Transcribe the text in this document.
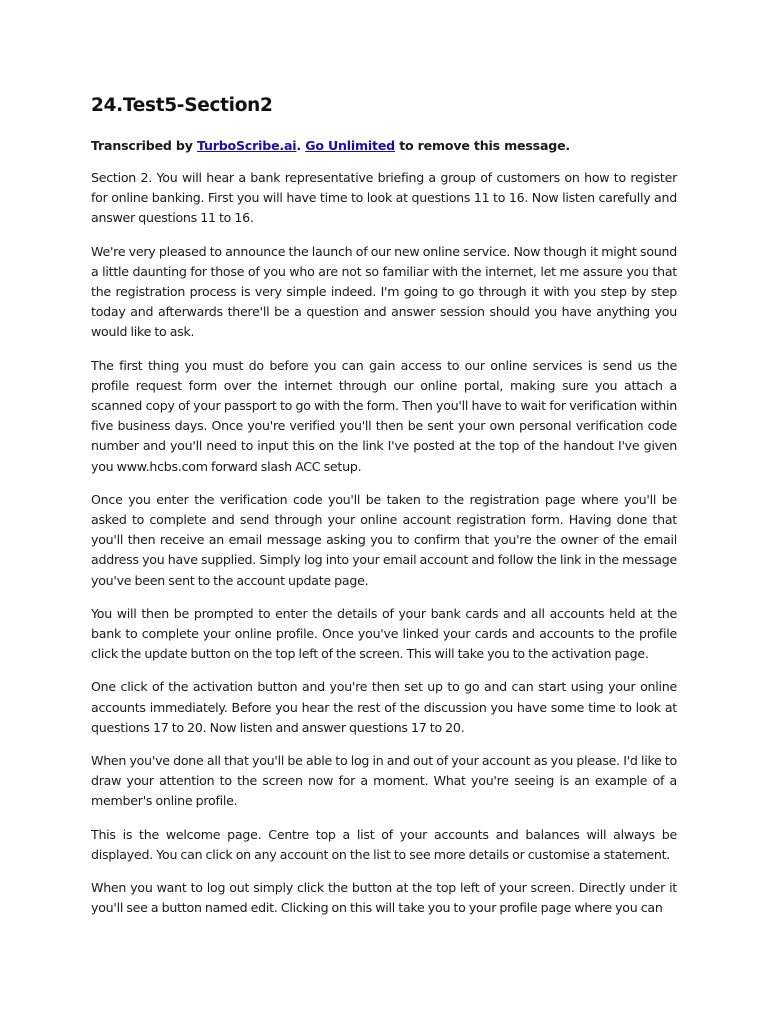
24.Test5-Section2
Transcribed by TurboScribe.ai. Go Unlimited to remove this message.

Section 2. You will hear a bank representative briefing a group of customers on how to register for online banking. First you will have time to look at questions 11 to 16. Now listen carefully and answer questions 11 to 16.

We're very pleased to announce the launch of our new online service. Now though it might sound a little daunting for those of you who are not so familiar with the internet, let me assure you that the registration process is very simple indeed. I'm going to go through it with you step by step today and afterwards there'll be a question and answer session should you have anything you would like to ask.

The first thing you must do before you can gain access to our online services is send us the profile request form over the internet through our online portal, making sure you attach a scanned copy of your passport to go with the form. Then you'll have to wait for verification within five business days. Once you're verified you'll then be sent your own personal verification code number and you'll need to input this on the link I've posted at the top of the handout I've given you www.hcbs.com forward slash ACC setup.

Once you enter the verification code you'll be taken to the registration page where you'll be asked to complete and send through your online account registration form. Having done that you'll then receive an email message asking you to confirm that you're the owner of the email address you have supplied. Simply log into your email account and follow the link in the message you've been sent to the account update page.

You will then be prompted to enter the details of your bank cards and all accounts held at the bank to complete your online profile. Once you've linked your cards and accounts to the profile click the update button on the top left of the screen. This will take you to the activation page.

One click of the activation button and you're then set up to go and can start using your online accounts immediately. Before you hear the rest of the discussion you have some time to look at questions 17 to 20. Now listen and answer questions 17 to 20.

When you've done all that you'll be able to log in and out of your account as you please. I'd like to draw your attention to the screen now for a moment. What you're seeing is an example of a member's online profile.

This is the welcome page. Centre top a list of your accounts and balances will always be displayed. You can click on any account on the list to see more details or customise a statement.

When you want to log out simply click the button at the top left of your screen. Directly under it you'll see a button named edit. Clicking on this will take you to your profile page where you can
